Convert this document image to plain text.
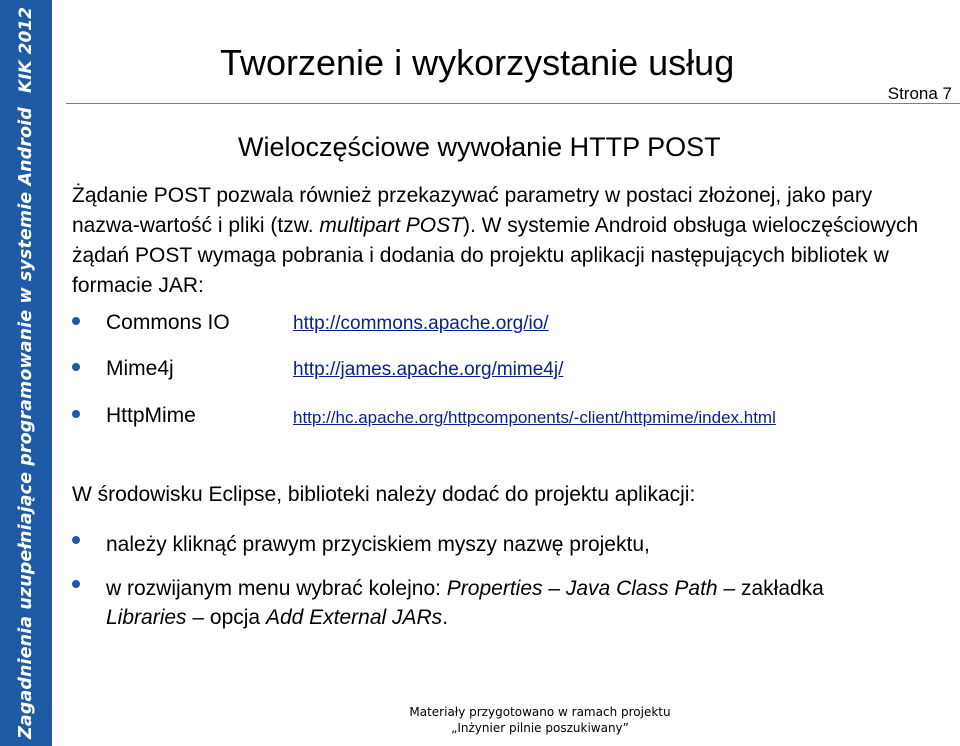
KIK 2012
Zagadnienia uzupełniające programowanie w systemie Android
Tworzenie i wykorzystanie usług
Strona 7
Wieloczęściowe wywołanie HTTP POST
Żądanie POST pozwala również przekazywać parametry w postaci złożonej, jako pary nazwa-wartość i pliki (tzw. multipart POST). W systemie Android obsługa wieloczęściowych żądań POST wymaga pobrania i dodania do projektu aplikacji następujących bibliotek w formacie JAR:
Commons IO	http://commons.apache.org/io/
Mime4j	http://james.apache.org/mime4j/
HttpMime	http://hc.apache.org/httpcomponents/-client/httpmime/index.html
W środowisku Eclipse, biblioteki należy dodać do projektu aplikacji:
należy kliknąć prawym przyciskiem myszy nazwę projektu,
w rozwijanym menu wybrać kolejno: Properties – Java Class Path – zakładka Libraries – opcja Add External JARs.
Materiały przygotowano w ramach projektu
„Inżynier pilnie poszukiwany”
